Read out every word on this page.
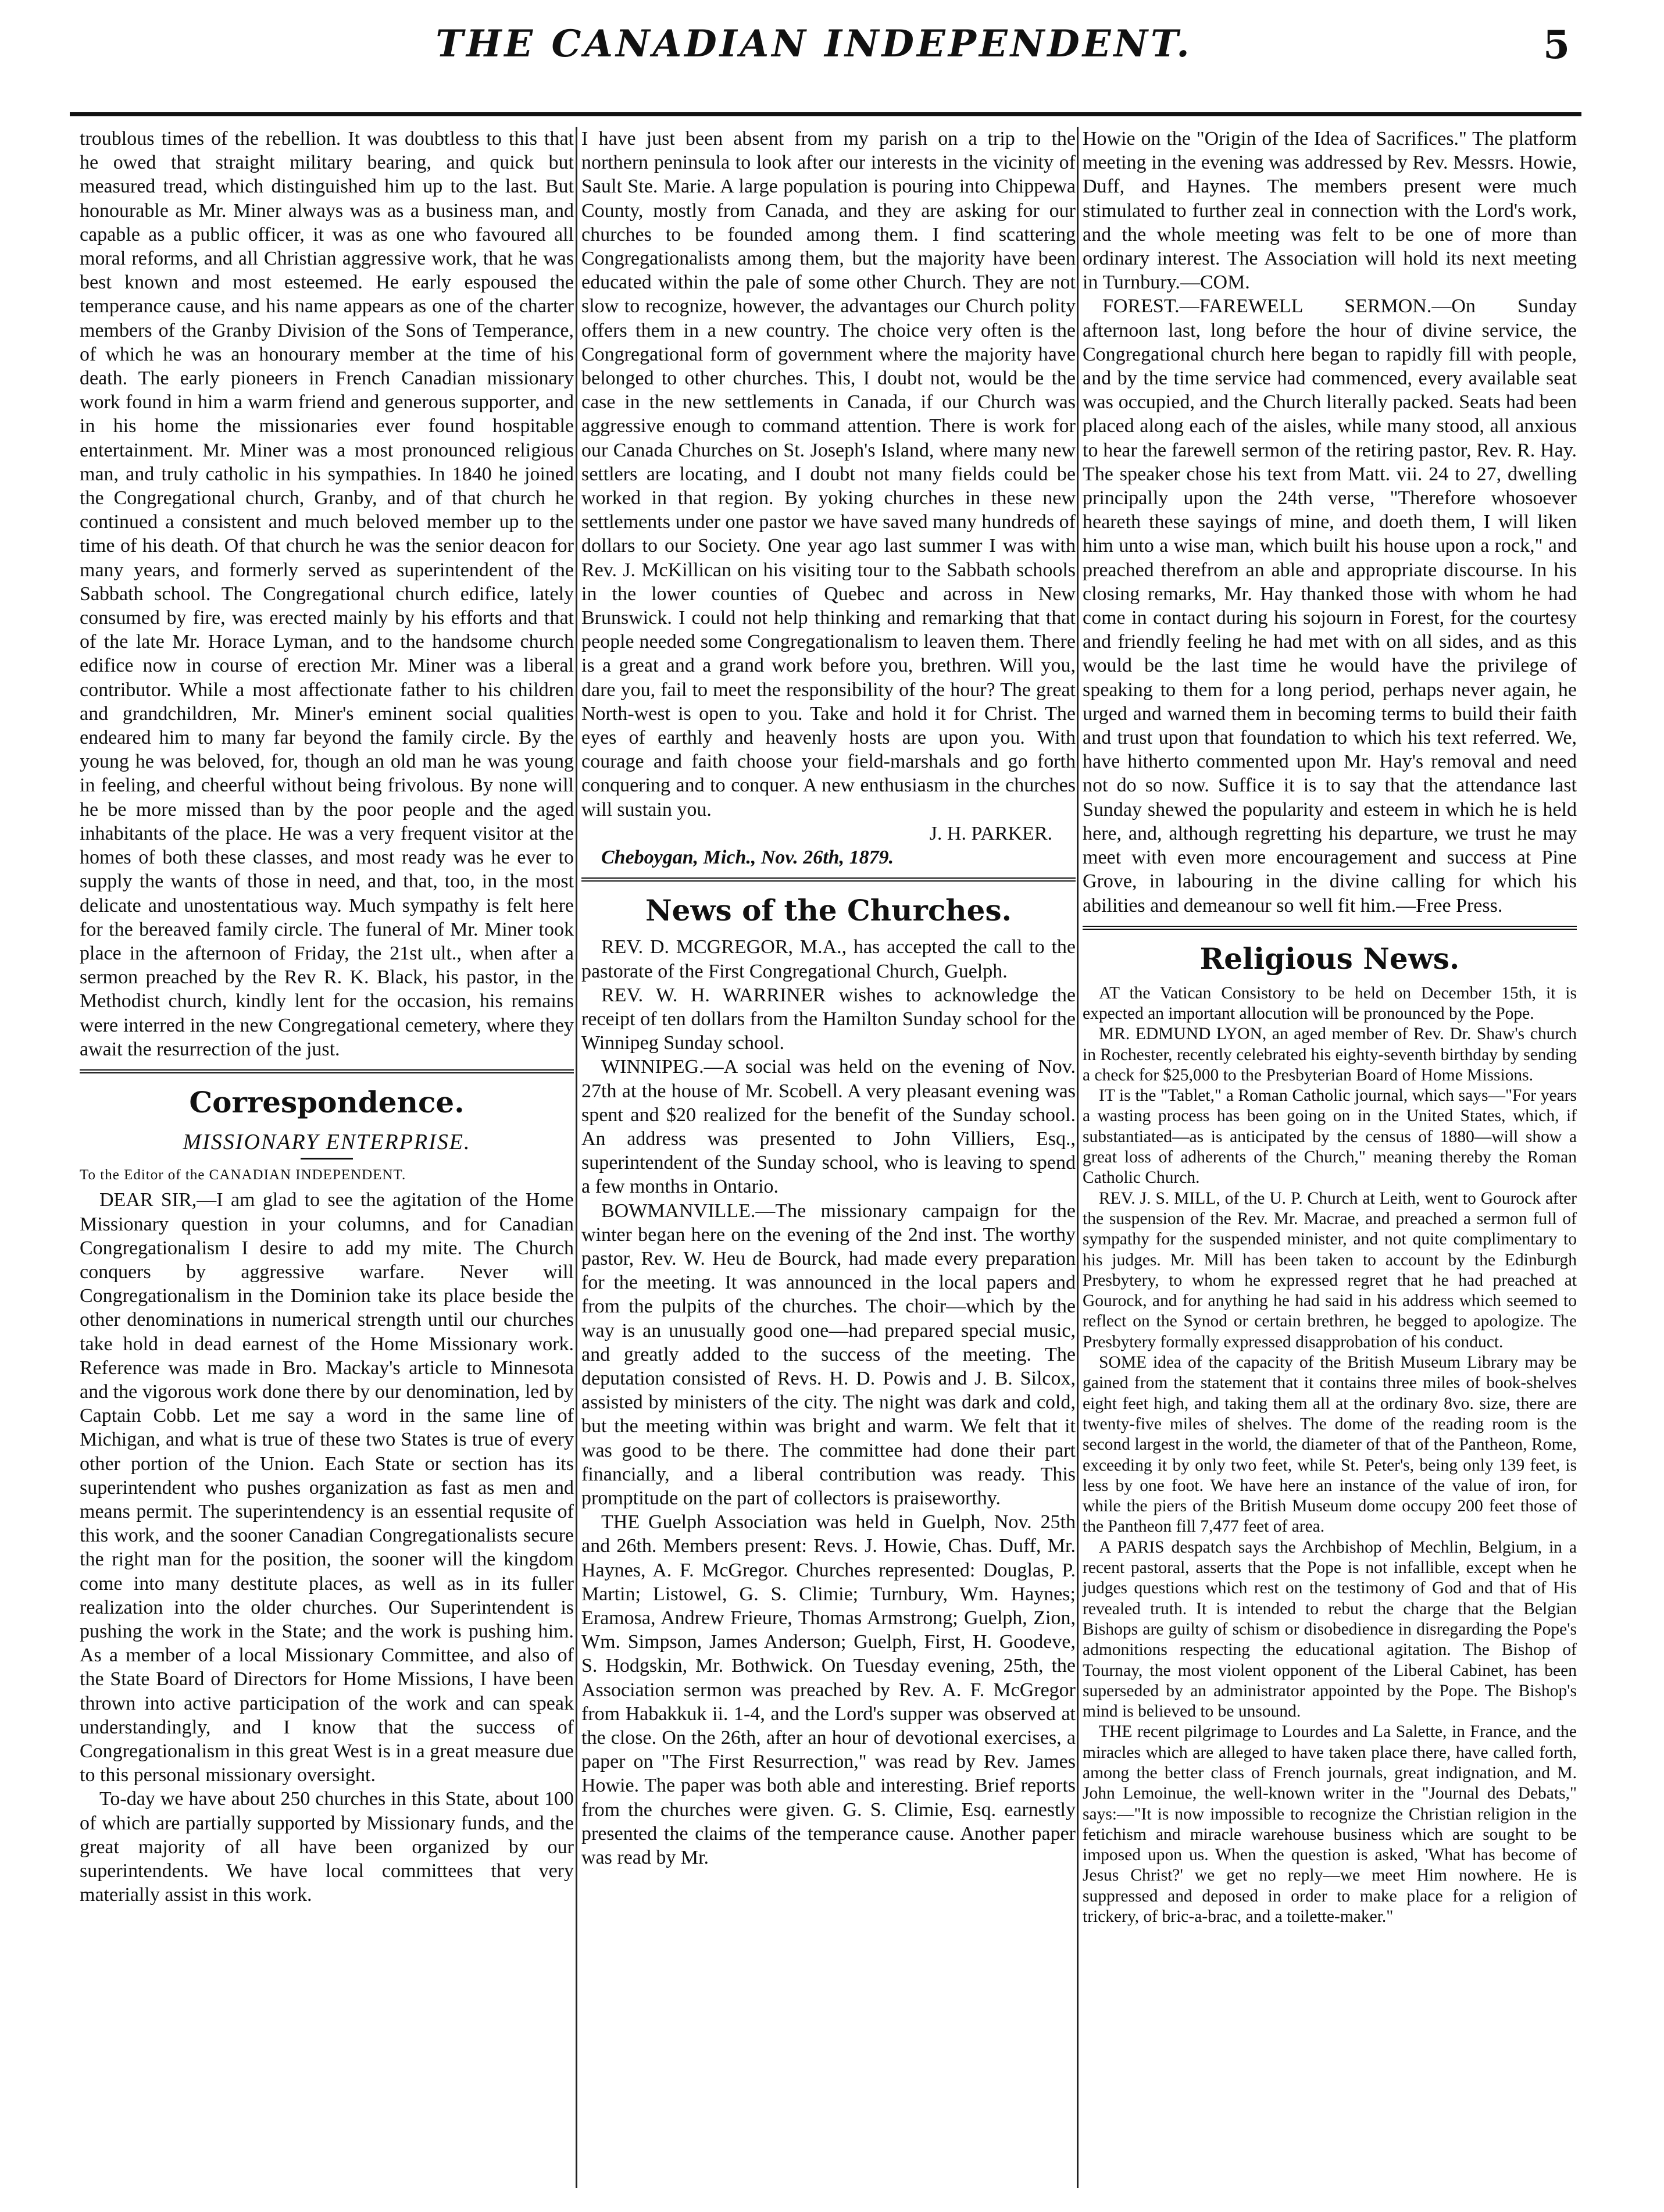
THE CANADIAN INDEPENDENT.	5

troublous times of the rebellion. It was doubtless to this that he owed that straight military bearing, and quick but measured tread, which distinguished him up to the last. But honourable as Mr. Miner always was as a business man, and capable as a public officer, it was as one who favoured all moral reforms, and all Christian aggressive work, that he was best known and most esteemed. He early espoused the temperance cause, and his name appears as one of the charter members of the Granby Division of the Sons of Temperance, of which he was an honourary member at the time of his death. The early pioneers in French Canadian missionary work found in him a warm friend and generous supporter, and in his home the missionaries ever found hospitable entertainment. Mr. Miner was a most pronounced religious man, and truly catholic in his sympathies. In 1840 he joined the Congregational church, Granby, and of that church he continued a consistent and much beloved member up to the time of his death. Of that church he was the senior deacon for many years, and formerly served as superintendent of the Sabbath school. The Congregational church edifice, lately consumed by fire, was erected mainly by his efforts and that of the late Mr. Horace Lyman, and to the handsome church edifice now in course of erection Mr. Miner was a liberal contributor. While a most affectionate father to his children and grandchildren, Mr. Miner's eminent social qualities endeared him to many far beyond the family circle. By the young he was beloved, for, though an old man he was young in feeling, and cheerful without being frivolous. By none will he be more missed than by the poor people and the aged inhabitants of the place. He was a very frequent visitor at the homes of both these classes, and most ready was he ever to supply the wants of those in need, and that, too, in the most delicate and unostentatious way. Much sympathy is felt here for the bereaved family circle. The funeral of Mr. Miner took place in the afternoon of Friday, the 21st ult., when after a sermon preached by the Rev R. K. Black, his pastor, in the Methodist church, kindly lent for the occasion, his remains were interred in the new Congregational cemetery, where they await the resurrection of the just.

Correspondence.
MISSIONARY ENTERPRISE.
To the Editor of the CANADIAN INDEPENDENT.

DEAR SIR,—I am glad to see the agitation of the Home Missionary question in your columns, and for Canadian Congregationalism I desire to add my mite. The Church conquers by aggressive warfare. Never will Congregationalism in the Dominion take its place beside the other denominations in numerical strength until our churches take hold in dead earnest of the Home Missionary work. Reference was made in Bro. Mackay's article to Minnesota and the vigorous work done there by our denomination, led by Captain Cobb. Let me say a word in the same line of Michigan, and what is true of these two States is true of every other portion of the Union. Each State or section has its superintendent who pushes organization as fast as men and means permit. The superintendency is an essential requsite of this work, and the sooner Canadian Congregationalists secure the right man for the position, the sooner will the kingdom come into many destitute places, as well as in its fuller realization into the older churches. Our Superintendent is pushing the work in the State; and the work is pushing him. As a member of a local Missionary Committee, and also of the State Board of Directors for Home Missions, I have been thrown into active participation of the work and can speak understandingly, and I know that the success of Congregationalism in this great West is in a great measure due to this personal missionary oversight.

To-day we have about 250 churches in this State, about 100 of which are partially supported by Missionary funds, and the great majority of all have been organized by our superintendents. We have local committees that very materially assist in this work.

I have just been absent from my parish on a trip to the northern peninsula to look after our interests in the vicinity of Sault Ste. Marie. A large population is pouring into Chippewa County, mostly from Canada, and they are asking for our churches to be founded among them. I find scattering Congregationalists among them, but the majority have been educated within the pale of some other Church. They are not slow to recognize, however, the advantages our Church polity offers them in a new country. The choice very often is the Congregational form of government where the majority have belonged to other churches. This, I doubt not, would be the case in the new settlements in Canada, if our Church was aggressive enough to command attention. There is work for our Canada Churches on St. Joseph's Island, where many new settlers are locating, and I doubt not many fields could be worked in that region. By yoking churches in these new settlements under one pastor we have saved many hundreds of dollars to our Society. One year ago last summer I was with Rev. J. McKillican on his visiting tour to the Sabbath schools in the lower counties of Quebec and across in New Brunswick. I could not help thinking and remarking that that people needed some Congregationalism to leaven them. There is a great and a grand work before you, brethren. Will you, dare you, fail to meet the responsibility of the hour? The great North-west is open to you. Take and hold it for Christ. The eyes of earthly and heavenly hosts are upon you. With courage and faith choose your field-marshals and go forth conquering and to conquer. A new enthusiasm in the churches will sustain you.

J. H. PARKER.

Cheboygan, Mich., Nov. 26th, 1879.

News of the Churches.

REV. D. MCGREGOR, M.A., has accepted the call to the pastorate of the First Congregational Church, Guelph.

REV. W. H. WARRINER wishes to acknowledge the receipt of ten dollars from the Hamilton Sunday school for the Winnipeg Sunday school.

WINNIPEG.—A social was held on the evening of Nov. 27th at the house of Mr. Scobell. A very pleasant evening was spent and $20 realized for the benefit of the Sunday school. An address was presented to John Villiers, Esq., superintendent of the Sunday school, who is leaving to spend a few months in Ontario.

BOWMANVILLE.—The missionary campaign for the winter began here on the evening of the 2nd inst. The worthy pastor, Rev. W. Heu de Bourck, had made every preparation for the meeting. It was announced in the local papers and from the pulpits of the churches. The choir—which by the way is an unusually good one—had prepared special music, and greatly added to the success of the meeting. The deputation consisted of Revs. H. D. Powis and J. B. Silcox, assisted by ministers of the city. The night was dark and cold, but the meeting within was bright and warm. We felt that it was good to be there. The committee had done their part financially, and a liberal contribution was ready. This promptitude on the part of collectors is praiseworthy.

THE Guelph Association was held in Guelph, Nov. 25th and 26th. Members present: Revs. J. Howie, Chas. Duff, Mr. Haynes, A. F. McGregor. Churches represented: Douglas, P. Martin; Listowel, G. S. Climie; Turnbury, Wm. Haynes; Eramosa, Andrew Frieure, Thomas Armstrong; Guelph, Zion, Wm. Simpson, James Anderson; Guelph, First, H. Goodeve, S. Hodgskin, Mr. Bothwick. On Tuesday evening, 25th, the Association sermon was preached by Rev. A. F. McGregor from Habakkuk ii. 1-4, and the Lord's supper was observed at the close. On the 26th, after an hour of devotional exercises, a paper on "The First Resurrection," was read by Rev. James Howie. The paper was both able and interesting. Brief reports from the churches were given. G. S. Climie, Esq. earnestly presented the claims of the temperance cause. Another paper was read by Mr.

Howie on the "Origin of the Idea of Sacrifices." The platform meeting in the evening was addressed by Rev. Messrs. Howie, Duff, and Haynes. The members present were much stimulated to further zeal in connection with the Lord's work, and the whole meeting was felt to be one of more than ordinary interest. The Association will hold its next meeting in Turnbury.—COM.

FOREST.—FAREWELL SERMON.—On Sunday afternoon last, long before the hour of divine service, the Congregational church here began to rapidly fill with people, and by the time service had commenced, every available seat was occupied, and the Church literally packed. Seats had been placed along each of the aisles, while many stood, all anxious to hear the farewell sermon of the retiring pastor, Rev. R. Hay. The speaker chose his text from Matt. vii. 24 to 27, dwelling principally upon the 24th verse, "Therefore whosoever heareth these sayings of mine, and doeth them, I will liken him unto a wise man, which built his house upon a rock," and preached therefrom an able and appropriate discourse. In his closing remarks, Mr. Hay thanked those with whom he had come in contact during his sojourn in Forest, for the courtesy and friendly feeling he had met with on all sides, and as this would be the last time he would have the privilege of speaking to them for a long period, perhaps never again, he urged and warned them in becoming terms to build their faith and trust upon that foundation to which his text referred. We, have hitherto commented upon Mr. Hay's removal and need not do so now. Suffice it is to say that the attendance last Sunday shewed the popularity and esteem in which he is held here, and, although regretting his departure, we trust he may meet with even more encouragement and success at Pine Grove, in labouring in the divine calling for which his abilities and demeanour so well fit him.—Free Press.

Religious News.

AT the Vatican Consistory to be held on December 15th, it is expected an important allocution will be pronounced by the Pope.

MR. EDMUND LYON, an aged member of Rev. Dr. Shaw's church in Rochester, recently celebrated his eighty-seventh birthday by sending a check for $25,000 to the Presbyterian Board of Home Missions.

IT is the "Tablet," a Roman Catholic journal, which says—"For years a wasting process has been going on in the United States, which, if substantiated—as is anticipated by the census of 1880—will show a great loss of adherents of the Church," meaning thereby the Roman Catholic Church.

REV. J. S. MILL, of the U. P. Church at Leith, went to Gourock after the suspension of the Rev. Mr. Macrae, and preached a sermon full of sympathy for the suspended minister, and not quite complimentary to his judges. Mr. Mill has been taken to account by the Edinburgh Presbytery, to whom he expressed regret that he had preached at Gourock, and for anything he had said in his address which seemed to reflect on the Synod or certain brethren, he begged to apologize. The Presbytery formally expressed disapprobation of his conduct.

SOME idea of the capacity of the British Museum Library may be gained from the statement that it contains three miles of book-shelves eight feet high, and taking them all at the ordinary 8vo. size, there are twenty-five miles of shelves. The dome of the reading room is the second largest in the world, the diameter of that of the Pantheon, Rome, exceeding it by only two feet, while St. Peter's, being only 139 feet, is less by one foot. We have here an instance of the value of iron, for while the piers of the British Museum dome occupy 200 feet those of the Pantheon fill 7,477 feet of area.

A PARIS despatch says the Archbishop of Mechlin, Belgium, in a recent pastoral, asserts that the Pope is not infallible, except when he judges questions which rest on the testimony of God and that of His revealed truth. It is intended to rebut the charge that the Belgian Bishops are guilty of schism or disobedience in disregarding the Pope's admonitions respecting the educational agitation. The Bishop of Tournay, the most violent opponent of the Liberal Cabinet, has been superseded by an administrator appointed by the Pope. The Bishop's mind is believed to be unsound.

THE recent pilgrimage to Lourdes and La Salette, in France, and the miracles which are alleged to have taken place there, have called forth, among the better class of French journals, great indignation, and M. John Lemoinue, the well-known writer in the "Journal des Debats," says:—"It is now impossible to recognize the Christian religion in the fetichism and miracle warehouse business which are sought to be imposed upon us. When the question is asked, 'What has become of Jesus Christ?' we get no reply—we meet Him nowhere. He is suppressed and deposed in order to make place for a religion of trickery, of bric-a-brac, and a toilette-maker."
